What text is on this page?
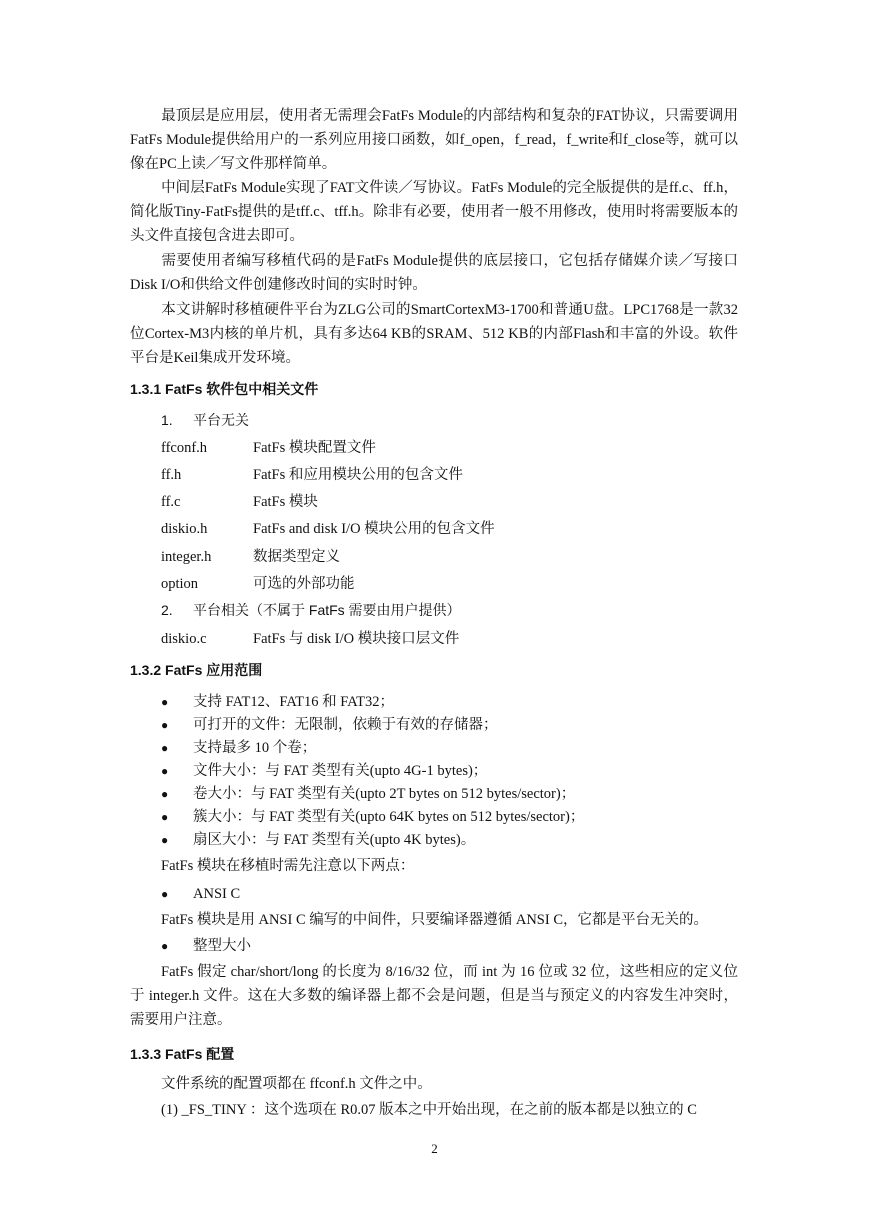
最顶层是应用层，使用者无需理会FatFs Module的内部结构和复杂的FAT协议，只需要调用FatFs Module提供给用户的一系列应用接口函数，如f_open，f_read，f_write和f_close等，就可以像在PC上读／写文件那样简单。

中间层FatFs Module实现了FAT文件读／写协议。FatFs Module的完全版提供的是ff.c、ff.h，简化版Tiny-FatFs提供的是tff.c、tff.h。除非有必要，使用者一般不用修改，使用时将需要版本的头文件直接包含进去即可。

需要使用者编写移植代码的是FatFs Module提供的底层接口，它包括存储媒介读／写接口Disk I/O和供给文件创建修改时间的实时时钟。

本文讲解时移植硬件平台为ZLG公司的SmartCortexM3-1700和普通U盘。LPC1768是一款32位Cortex-M3内核的单片机，具有多达64 KB的SRAM、512 KB的内部Flash和丰富的外设。软件平台是Keil集成开发环境。

1.3.1 FatFs 软件包中相关文件

1. 平台无关

ffconf.h	FatFs 模块配置文件

ff.h	FatFs 和应用模块公用的包含文件

ff.c	FatFs 模块

diskio.h	FatFs and disk I/O 模块公用的包含文件

integer.h	数据类型定义

option	可选的外部功能

2. 平台相关（不属于 FatFs 需要由用户提供）

diskio.c	FatFs 与 disk I/O 模块接口层文件

1.3.2 FatFs 应用范围

● 支持 FAT12、FAT16 和 FAT32；

● 可打开的文件：无限制，依赖于有效的存储器；

● 支持最多 10 个卷；

● 文件大小：与 FAT 类型有关(upto 4G-1 bytes)；

● 卷大小：与 FAT 类型有关(upto 2T bytes on 512 bytes/sector)；

● 簇大小：与 FAT 类型有关(upto 64K bytes on 512 bytes/sector)；

● 扇区大小：与 FAT 类型有关(upto 4K bytes)。

FatFs 模块在移植时需先注意以下两点：

● ANSI C

FatFs 模块是用 ANSI C 编写的中间件，只要编译器遵循 ANSI C，它都是平台无关的。

● 整型大小

FatFs 假定 char/short/long 的长度为 8/16/32 位，而 int 为 16 位或 32 位，这些相应的定义位于 integer.h 文件。这在大多数的编译器上都不会是问题，但是当与预定义的内容发生冲突时，需要用户注意。

1.3.3 FatFs 配置

文件系统的配置项都在 ffconf.h 文件之中。

(1) _FS_TINY ：这个选项在 R0.07 版本之中开始出现，在之前的版本都是以独立的 C

2
